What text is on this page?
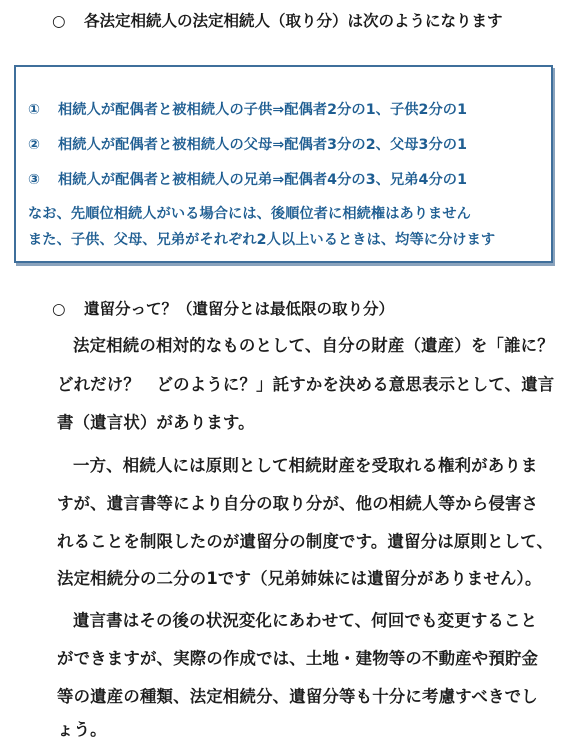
○ 各法定相続人の法定相続人（取り分）は次のようになります
① 相続人が配偶者と被相続人の子供⇒配偶者2分の1、子供2分の1
② 相続人が配偶者と被相続人の父母⇒配偶者3分の2、父母3分の1
③ 相続人が配偶者と被相続人の兄弟⇒配偶者4分の3、兄弟4分の1
なお、先順位相続人がいる場合には、後順位者に相続権はありません
また、子供、父母、兄弟がそれぞれ2人以上いるときは、均等に分けます
○ 遺留分って？（遺留分とは最低限の取り分）
法定相続の相対的なものとして、自分の財産（遺産）を「誰に？
どれだけ？　どのように？」託すかを決める意思表示として、遺言
書（遺言状）があります。
一方、相続人には原則として相続財産を受取れる権利がありま
すが、遺言書等により自分の取り分が、他の相続人等から侵害さ
れることを制限したのが遺留分の制度です。遺留分は原則として、
法定相続分の二分の1です（兄弟姉妹には遺留分がありません）。
遺言書はその後の状況変化にあわせて、何回でも変更すること
ができますが、実際の作成では、土地・建物等の不動産や預貯金
等の遺産の種類、法定相続分、遺留分等も十分に考慮すべきでし
ょう。
